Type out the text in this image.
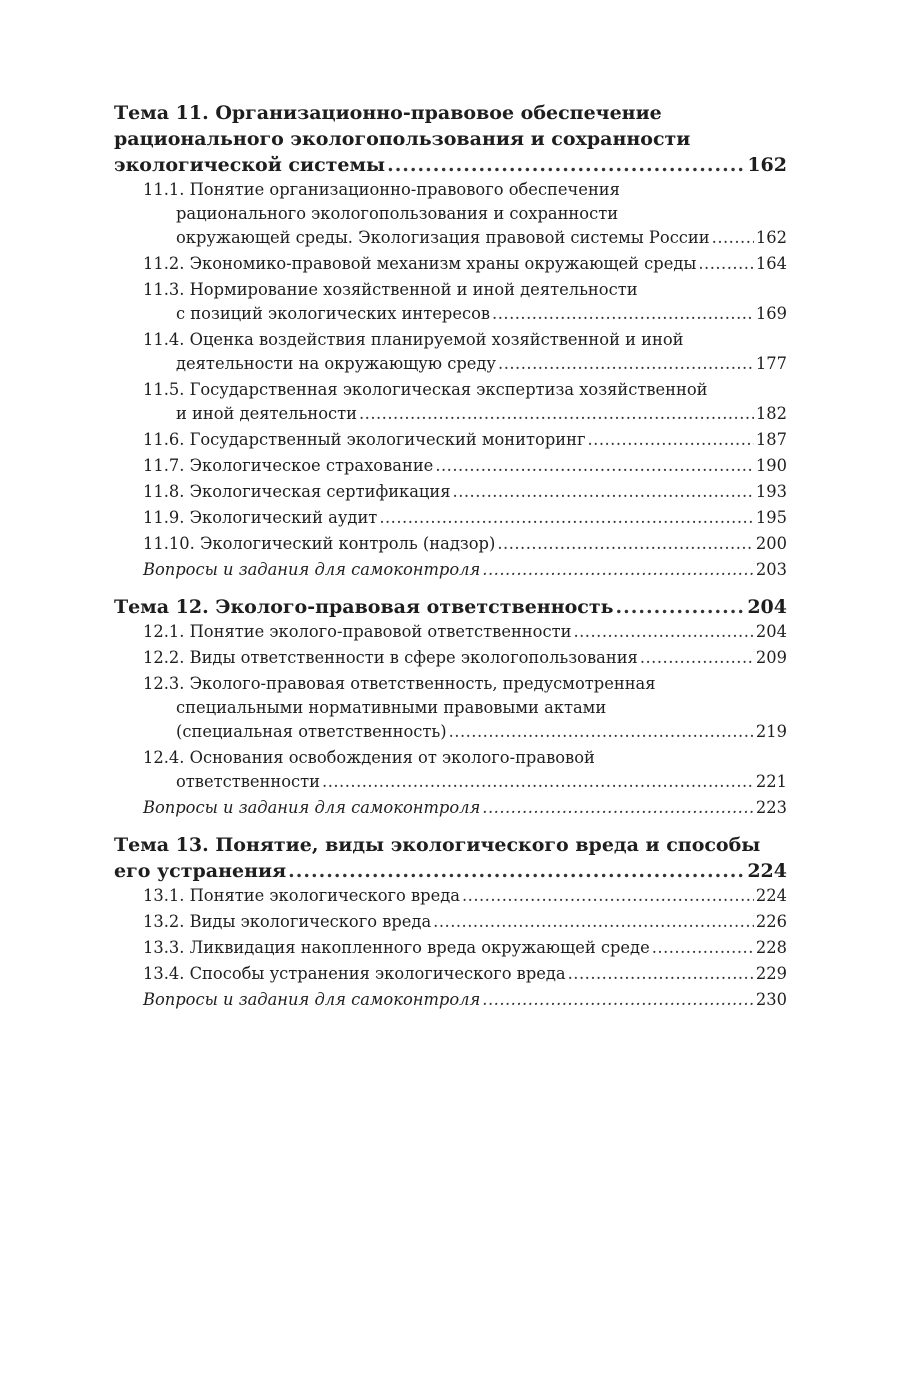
Тема 11. Организационно-правовое обеспечение
рационального экологопользования и сохранности
экологической системы .....	162
11.1. Понятие организационно-правового обеспечения
рационального экологопользования и сохранности
окружающей среды. Экологизация правовой системы России .....	162
11.2. Экономико-правовой механизм храны окружающей среды .....	164
11.3. Нормирование хозяйственной и иной деятельности
с позиций экологических интересов .....	169
11.4. Оценка воздействия планируемой хозяйственной и иной
деятельности на окружающую среду .....	177
11.5. Государственная экологическая экспертиза хозяйственной
и иной деятельности .....	182
11.6. Государственный экологический мониторинг .....	187
11.7. Экологическое страхование .....	190
11.8. Экологическая сертификация .....	193
11.9. Экологический аудит .....	195
11.10. Экологический контроль (надзор) .....	200
Вопросы и задания для самоконтроля .....	203
Тема 12. Эколого-правовая ответственность .....	204
12.1. Понятие эколого-правовой ответственности .....	204
12.2. Виды ответственности в сфере экологопользования .....	209
12.3. Эколого-правовая ответственность, предусмотренная
специальными нормативными правовыми актами
(специальная ответственность) .....	219
12.4. Основания освобождения от эколого-правовой
ответственности .....	221
Вопросы и задания для самоконтроля .....	223
Тема 13. Понятие, виды экологического вреда и способы
его устранения .....	224
13.1. Понятие экологического вреда .....	224
13.2. Виды экологического вреда .....	226
13.3. Ликвидация накопленного вреда окружающей среде .....	228
13.4. Способы устранения экологического вреда .....	229
Вопросы и задания для самоконтроля .....	230
